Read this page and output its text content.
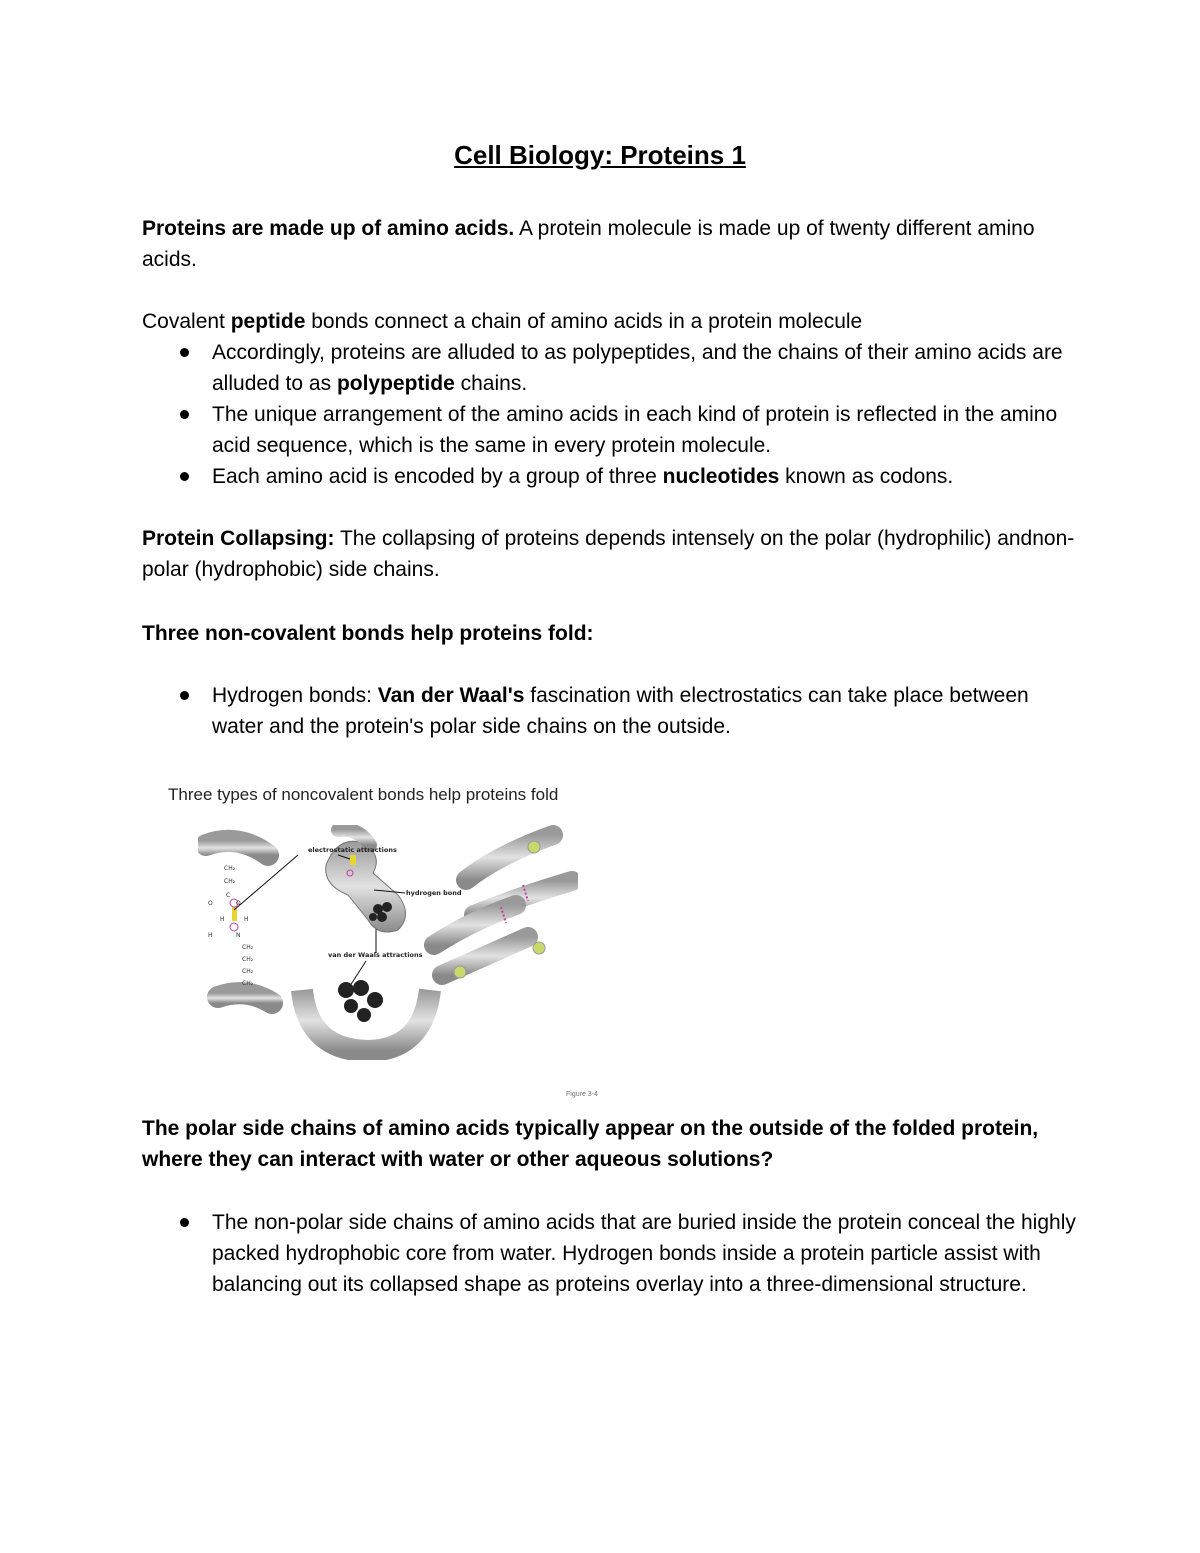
Cell Biology: Proteins 1
Proteins are made up of amino acids. A protein molecule is made up of twenty different amino acids.
Covalent peptide bonds connect a chain of amino acids in a protein molecule
Accordingly, proteins are alluded to as polypeptides, and the chains of their amino acids are alluded to as polypeptide chains.
The unique arrangement of the amino acids in each kind of protein is reflected in the amino acid sequence, which is the same in every protein molecule.
Each amino acid is encoded by a group of three nucleotides known as codons.
Protein Collapsing: The collapsing of proteins depends intensely on the polar (hydrophilic) andnon-polar (hydrophobic) side chains.
Three non-covalent bonds help proteins fold:
Hydrogen bonds: Van der Waal's fascination with electrostatics can take place between water and the protein's polar side chains on the outside.
Three types of noncovalent bonds help proteins fold
CH₂
CH₂
C
O	O
H	H
H	N
CH₂
CH₂
CH₂
CH₂
electrostatic attractions
hydrogen bond
van der Waals attractions
Figure 3-4
The polar side chains of amino acids typically appear on the outside of the folded protein, where they can interact with water or other aqueous solutions?
The non-polar side chains of amino acids that are buried inside the protein conceal the highly packed hydrophobic core from water. Hydrogen bonds inside a protein particle assist with balancing out its collapsed shape as proteins overlay into a three-dimensional structure.
